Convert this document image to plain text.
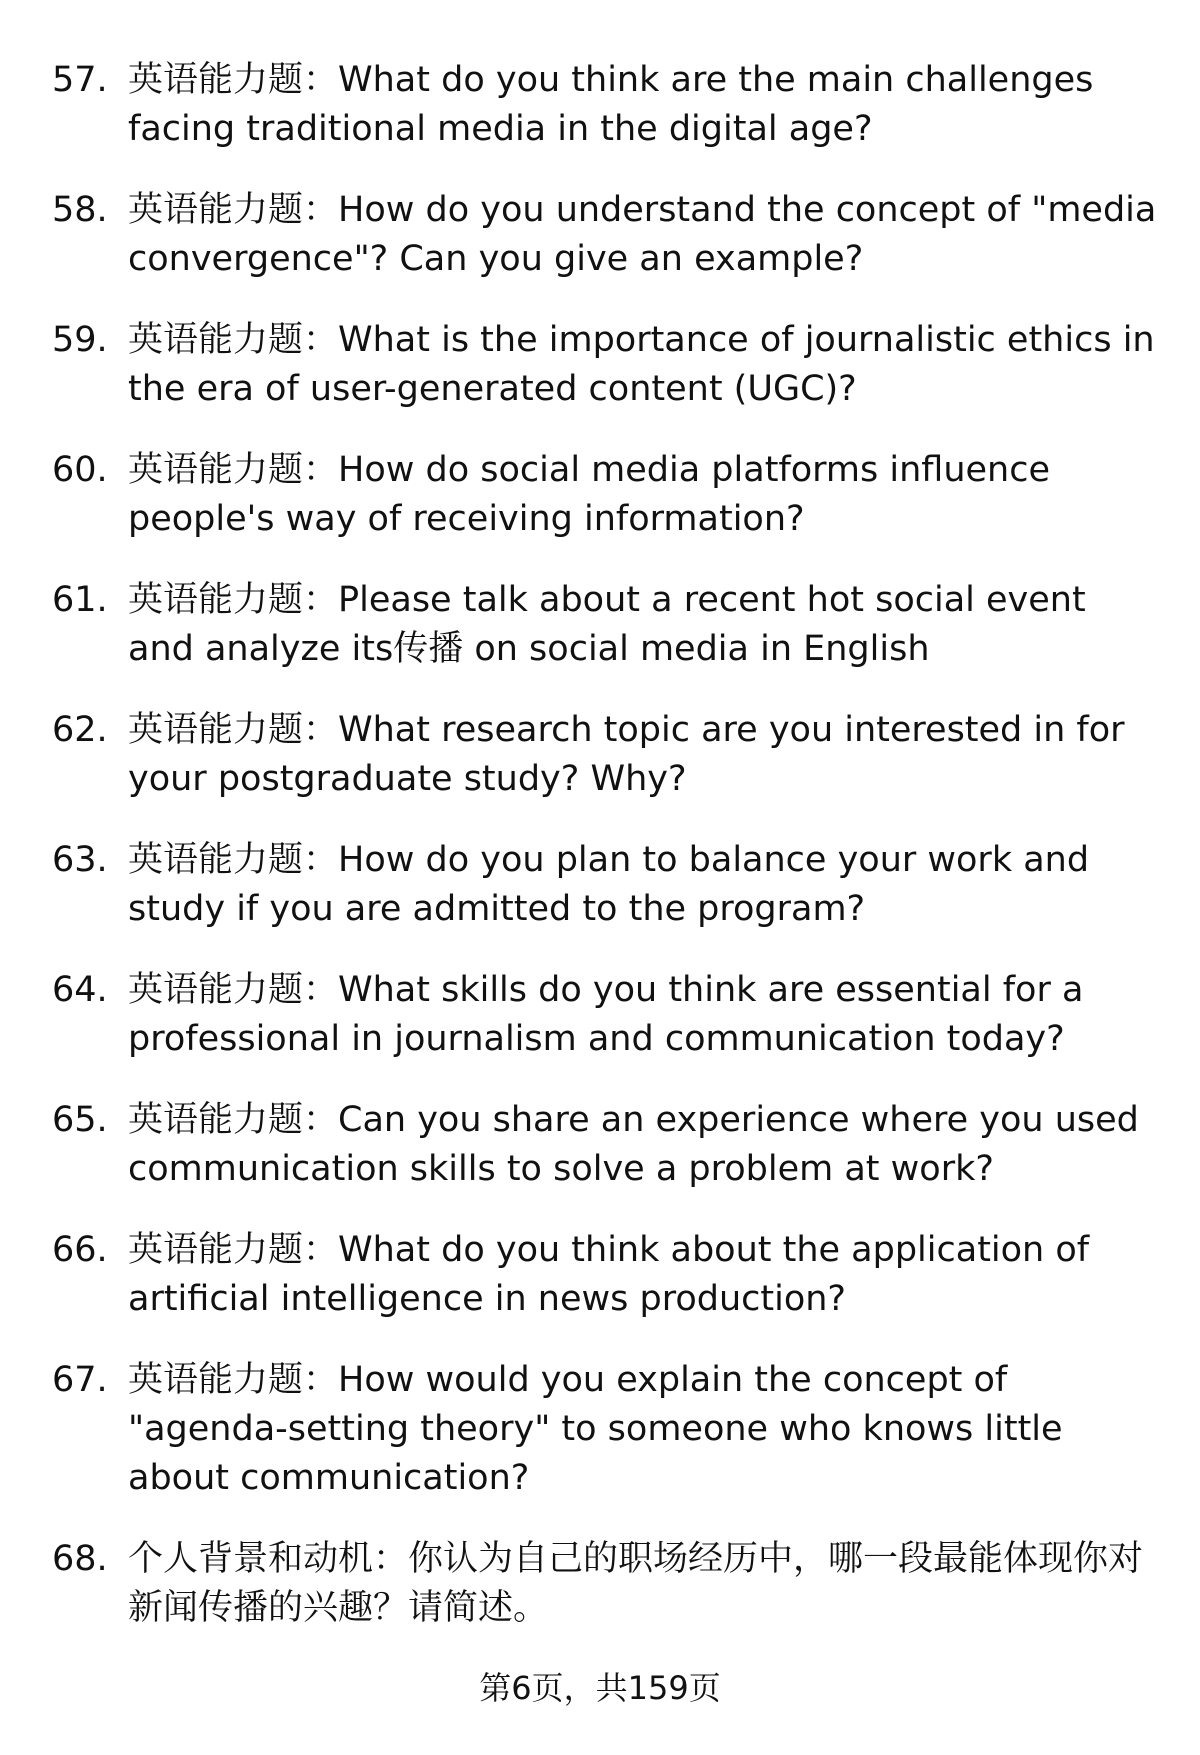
57. 英语能力题：What do you think are the main challenges facing traditional media in the digital age?
58. 英语能力题：How do you understand the concept of "media convergence"? Can you give an example?
59. 英语能力题：What is the importance of journalistic ethics in the era of user-generated content (UGC)?
60. 英语能力题：How do social media platforms influence people's way of receiving information?
61. 英语能力题：Please talk about a recent hot social event and analyze its传播 on social media in English
62. 英语能力题：What research topic are you interested in for your postgraduate study? Why?
63. 英语能力题：How do you plan to balance your work and study if you are admitted to the program?
64. 英语能力题：What skills do you think are essential for a professional in journalism and communication today?
65. 英语能力题：Can you share an experience where you used communication skills to solve a problem at work?
66. 英语能力题：What do you think about the application of artificial intelligence in news production?
67. 英语能力题：How would you explain the concept of "agenda-setting theory" to someone who knows little about communication?
68. 个人背景和动机：你认为自己的职场经历中，哪一段最能体现你对新闻传播的兴趣？请简述。
第6页，共159页
